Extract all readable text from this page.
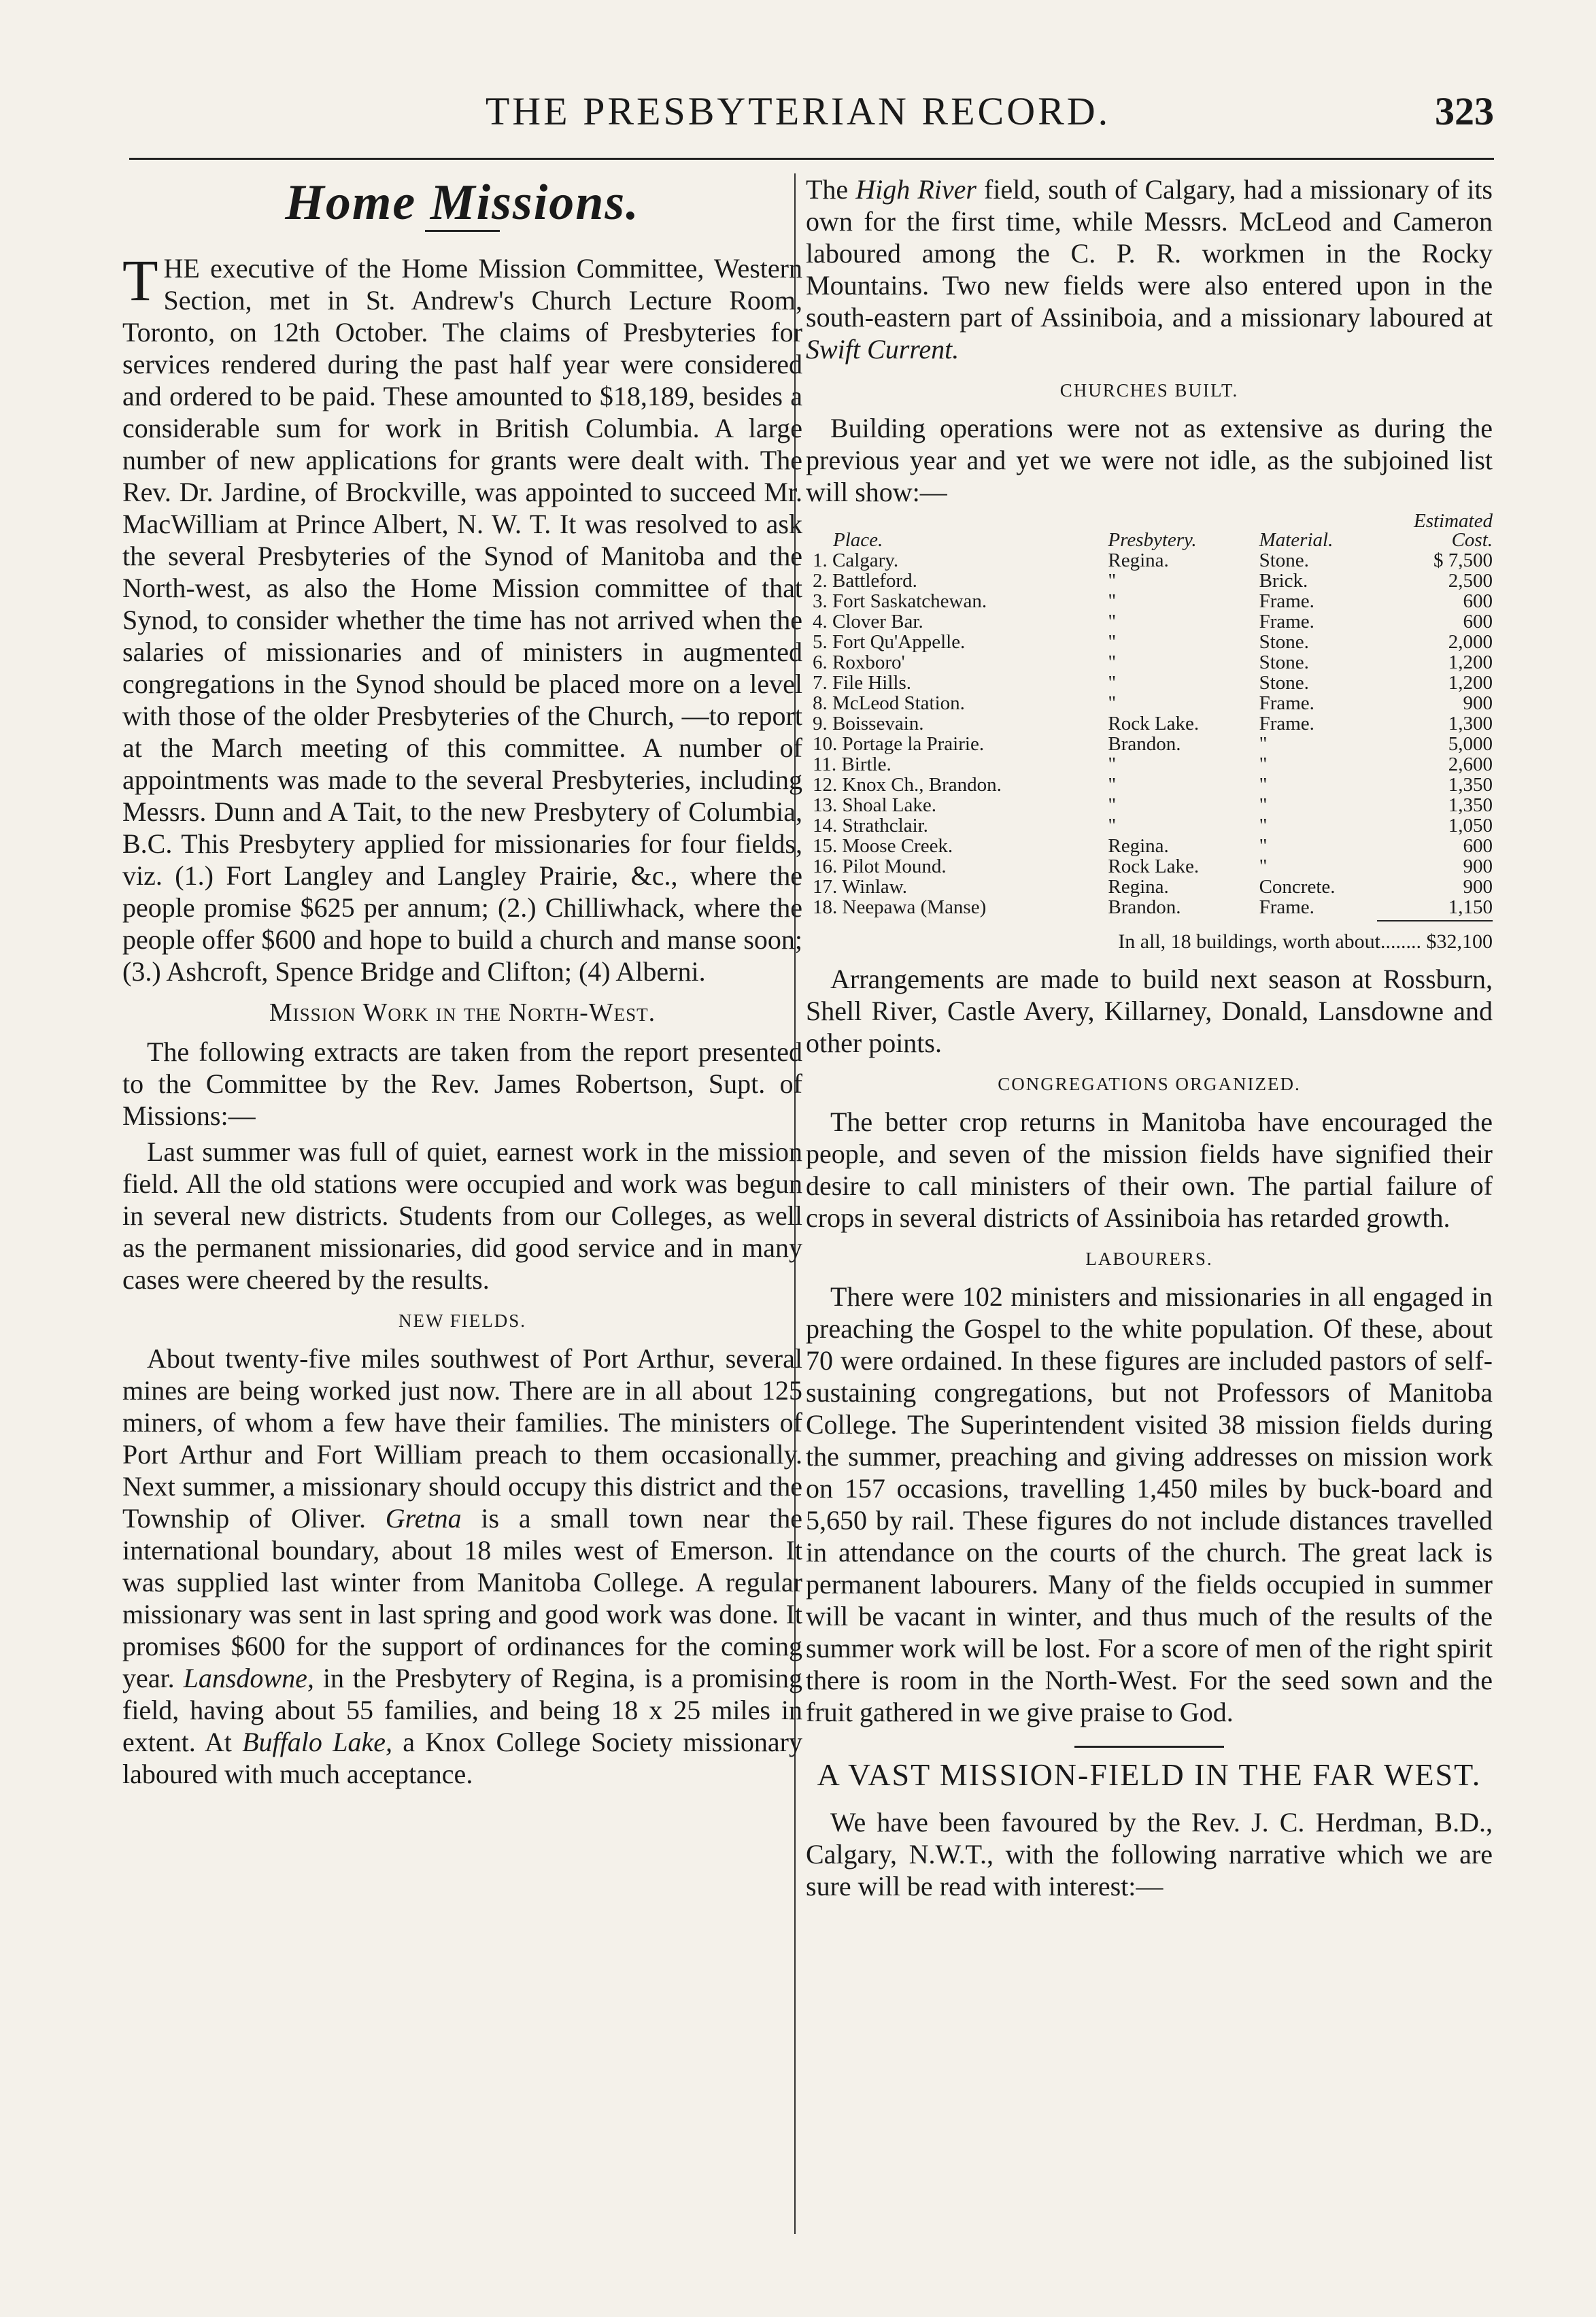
THE PRESBYTERIAN RECORD.	323
Home Missions.

THE executive of the Home Mission Committee, Western Section, met in St. Andrew's Church Lecture Room, Toronto, on 12th October. The claims of Presbyteries for services rendered during the past half year were considered and ordered to be paid. These amounted to $18,189, besides a considerable sum for work in British Columbia. A large number of new applications for grants were dealt with. The Rev. Dr. Jardine, of Brockville, was appointed to succeed Mr. MacWilliam at Prince Albert, N. W. T. It was resolved to ask the several Presbyteries of the Synod of Manitoba and the North-west, as also the Home Mission committee of that Synod, to consider whether the time has not arrived when the salaries of missionaries and of ministers in augmented congregations in the Synod should be placed more on a level with those of the older Presbyteries of the Church, —to report at the March meeting of this committee. A number of appointments was made to the several Presbyteries, including Messrs. Dunn and A Tait, to the new Presbytery of Columbia, B.C. This Presbytery applied for missionaries for four fields, viz. (1.) Fort Langley and Langley Prairie, &c., where the people promise $625 per annum; (2.) Chilliwhack, where the people offer $600 and hope to build a church and manse soon; (3.) Ashcroft, Spence Bridge and Clifton; (4) Alberni.

Mission Work in the North-West.

The following extracts are taken from the report presented to the Committee by the Rev. James Robertson, Supt. of Missions:—

Last summer was full of quiet, earnest work in the mission field. All the old stations were occupied and work was begun in several new districts. Students from our Colleges, as well as the permanent missionaries, did good service and in many cases were cheered by the results.

NEW FIELDS.

About twenty-five miles southwest of Port Arthur, several mines are being worked just now. There are in all about 125 miners, of whom a few have their families. The ministers of Port Arthur and Fort William preach to them occasionally. Next summer, a missionary should occupy this district and the Township of Oliver. Gretna is a small town near the international boundary, about 18 miles west of Emerson. It was supplied last winter from Manitoba College. A regular missionary was sent in last spring and good work was done. It promises $600 for the support of ordinances for the coming year. Lansdowne, in the Presbytery of Regina, is a promising field, having about 55 families, and being 18 x 25 miles in extent. At Buffalo Lake, a Knox College Society missionary laboured with much acceptance.

The High River field, south of Calgary, had a missionary of its own for the first time, while Messrs. McLeod and Cameron laboured among the C. P. R. workmen in the Rocky Mountains. Two new fields were also entered upon in the south-eastern part of Assiniboia, and a missionary laboured at Swift Current.

CHURCHES BUILT.

Building operations were not as extensive as during the previous year and yet we were not idle, as the subjoined list will show:—

Estimated
Place.	Presbytery.	Material.	Cost.
1. Calgary.	Regina.	Stone.	$ 7,500
2. Battleford.	"	Brick.	2,500
3. Fort Saskatchewan.	"	Frame.	600
4. Clover Bar.	"	Frame.	600
5. Fort Qu'Appelle.	"	Stone.	2,000
6. Roxboro'	"	Stone.	1,200
7. File Hills.	"	Stone.	1,200
8. McLeod Station.	"	Frame.	900
9. Boissevain.	Rock Lake.	Frame.	1,300
10. Portage la Prairie.	Brandon.	"	5,000
11. Birtle.	"	"	2,600
12. Knox Ch., Brandon.	"	"	1,350
13. Shoal Lake.	"	"	1,350
14. Strathclair.	"	"	1,050
15. Moose Creek.	Regina.	"	600
16. Pilot Mound.	Rock Lake.	"	900
17. Winlaw.	Regina.	Concrete.	900
18. Neepawa (Manse)	Brandon.	Frame.	1,150
In all, 18 buildings, worth about........ $32,100

Arrangements are made to build next season at Rossburn, Shell River, Castle Avery, Killarney, Donald, Lansdowne and other points.

CONGREGATIONS ORGANIZED.

The better crop returns in Manitoba have encouraged the people, and seven of the mission fields have signified their desire to call ministers of their own. The partial failure of crops in several districts of Assiniboia has retarded growth.

LABOURERS.

There were 102 ministers and missionaries in all engaged in preaching the Gospel to the white population. Of these, about 70 were ordained. In these figures are included pastors of self-sustaining congregations, but not Professors of Manitoba College. The Superintendent visited 38 mission fields during the summer, preaching and giving addresses on mission work on 157 occasions, travelling 1,450 miles by buck-board and 5,650 by rail. These figures do not include distances travelled in attendance on the courts of the church. The great lack is permanent labourers. Many of the fields occupied in summer will be vacant in winter, and thus much of the results of the summer work will be lost. For a score of men of the right spirit there is room in the North-West. For the seed sown and the fruit gathered in we give praise to God.

A VAST MISSION-FIELD IN THE FAR WEST.

We have been favoured by the Rev. J. C. Herdman, B.D., Calgary, N.W.T., with the following narrative which we are sure will be read with interest:—
